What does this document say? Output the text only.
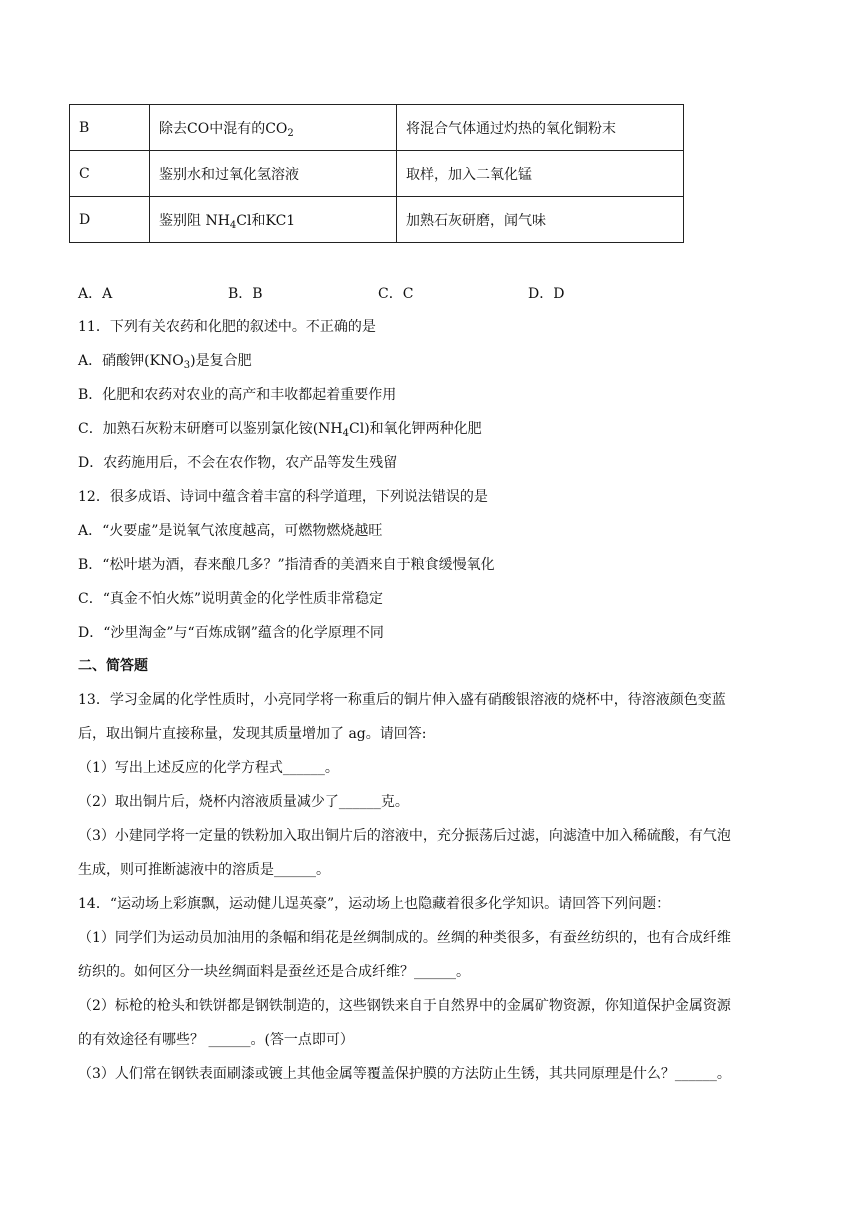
B	除去CO中混有的$CO_2$	将混合气体通过灼热的氧化铜粉末
C	鉴别水和过氧化氢溶液	取样，加入二氧化锰
D	鉴别阻 $NH_4Cl$和KC1	加熟石灰研磨，闻气味
A．A	B．B	C．C	D．D
11．下列有关农药和化肥的叙述中。不正确的是
A．硝酸钾$(KNO_3)$是复合肥
B．化肥和农药对农业的高产和丰收都起着重要作用
C．加熟石灰粉末研磨可以鉴别氯化铵$(NH_4Cl)$和氧化钾两种化肥
D．农药施用后，不会在农作物，农产品等发生残留
12．很多成语、诗词中蕴含着丰富的科学道理，下列说法错误的是
A．“火要虚”是说氧气浓度越高，可燃物燃烧越旺
B．“松叶堪为酒，春来酿几多？”指清香的美酒来自于粮食缓慢氧化
C．“真金不怕火炼”说明黄金的化学性质非常稳定
D．“沙里淘金”与“百炼成钢”蕴含的化学原理不同
二、简答题
13．学习金属的化学性质时，小亮同学将一称重后的铜片伸入盛有硝酸银溶液的烧杯中，待溶液颜色变蓝
后，取出铜片直接称量，发现其质量增加了 ag。请回答:
（1）写出上述反应的化学方程式______。
（2）取出铜片后，烧杯内溶液质量减少了______克。
（3）小建同学将一定量的铁粉加入取出铜片后的溶液中，充分振荡后过滤，向滤渣中加入稀硫酸，有气泡
生成，则可推断滤液中的溶质是______。
14．“运动场上彩旗飘，运动健儿逞英豪”，运动场上也隐藏着很多化学知识。请回答下列问题：
（1）同学们为运动员加油用的条幅和绢花是丝绸制成的。丝绸的种类很多，有蚕丝纺织的，也有合成纤维
纺织的。如何区分一块丝绸面料是蚕丝还是合成纤维？______。
（2）标枪的枪头和铁饼都是钢铁制造的，这些钢铁来自于自然界中的金属矿物资源，你知道保护金属资源
的有效途径有哪些？ ______。(答一点即可）
（3）人们常在钢铁表面刷漆或镀上其他金属等覆盖保护膜的方法防止生锈，其共同原理是什么？______。
